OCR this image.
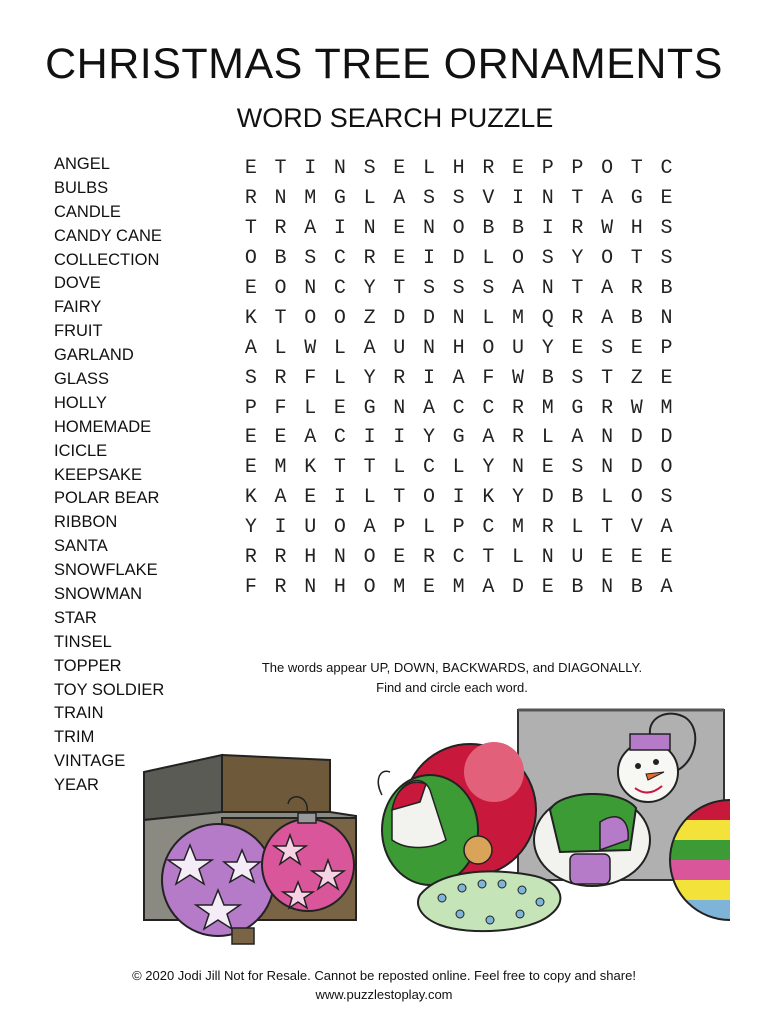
CHRISTMAS TREE ORNAMENTS
WORD SEARCH PUZZLE
ANGEL
BULBS
CANDLE
CANDY CANE
COLLECTION
DOVE
FAIRY
FRUIT
GARLAND
GLASS
HOLLY
HOMEMADE
ICICLE
KEEPSAKE
POLAR BEAR
RIBBON
SANTA
SNOWFLAKE
SNOWMAN
STAR
TINSEL
TOPPER
TOY SOLDIER
TRAIN
TRIM
VINTAGE
YEAR
E T I N S E L H R E P P O T C
R N M G L A S S V I N T A G E
T R A I N E N O B B I R W H S
O B S C R E I D L O S Y O T S
E O N C Y T S S S A N T A R B
K T O O Z D D N L M Q R A B N
A L W L A U N H O U Y E S E P
S R F L Y R I A F W B S T Z E
P F L E G N A C C R M G R W M
E E A C I I Y G A R L A N D D
E M K T T L C L Y N E S N D O
K A E I L T O I K Y D B L O S
Y I U O A P L P C M R L T V A
R R H N O E R C T L N U E E E
F R N H O M E M A D E B N B A
The words appear UP, DOWN, BACKWARDS, and DIAGONALLY.
Find and circle each word.
© 2020 Jodi Jill Not for Resale. Cannot be reposted online. Feel free to copy and share!
www.puzzlestoplay.com
